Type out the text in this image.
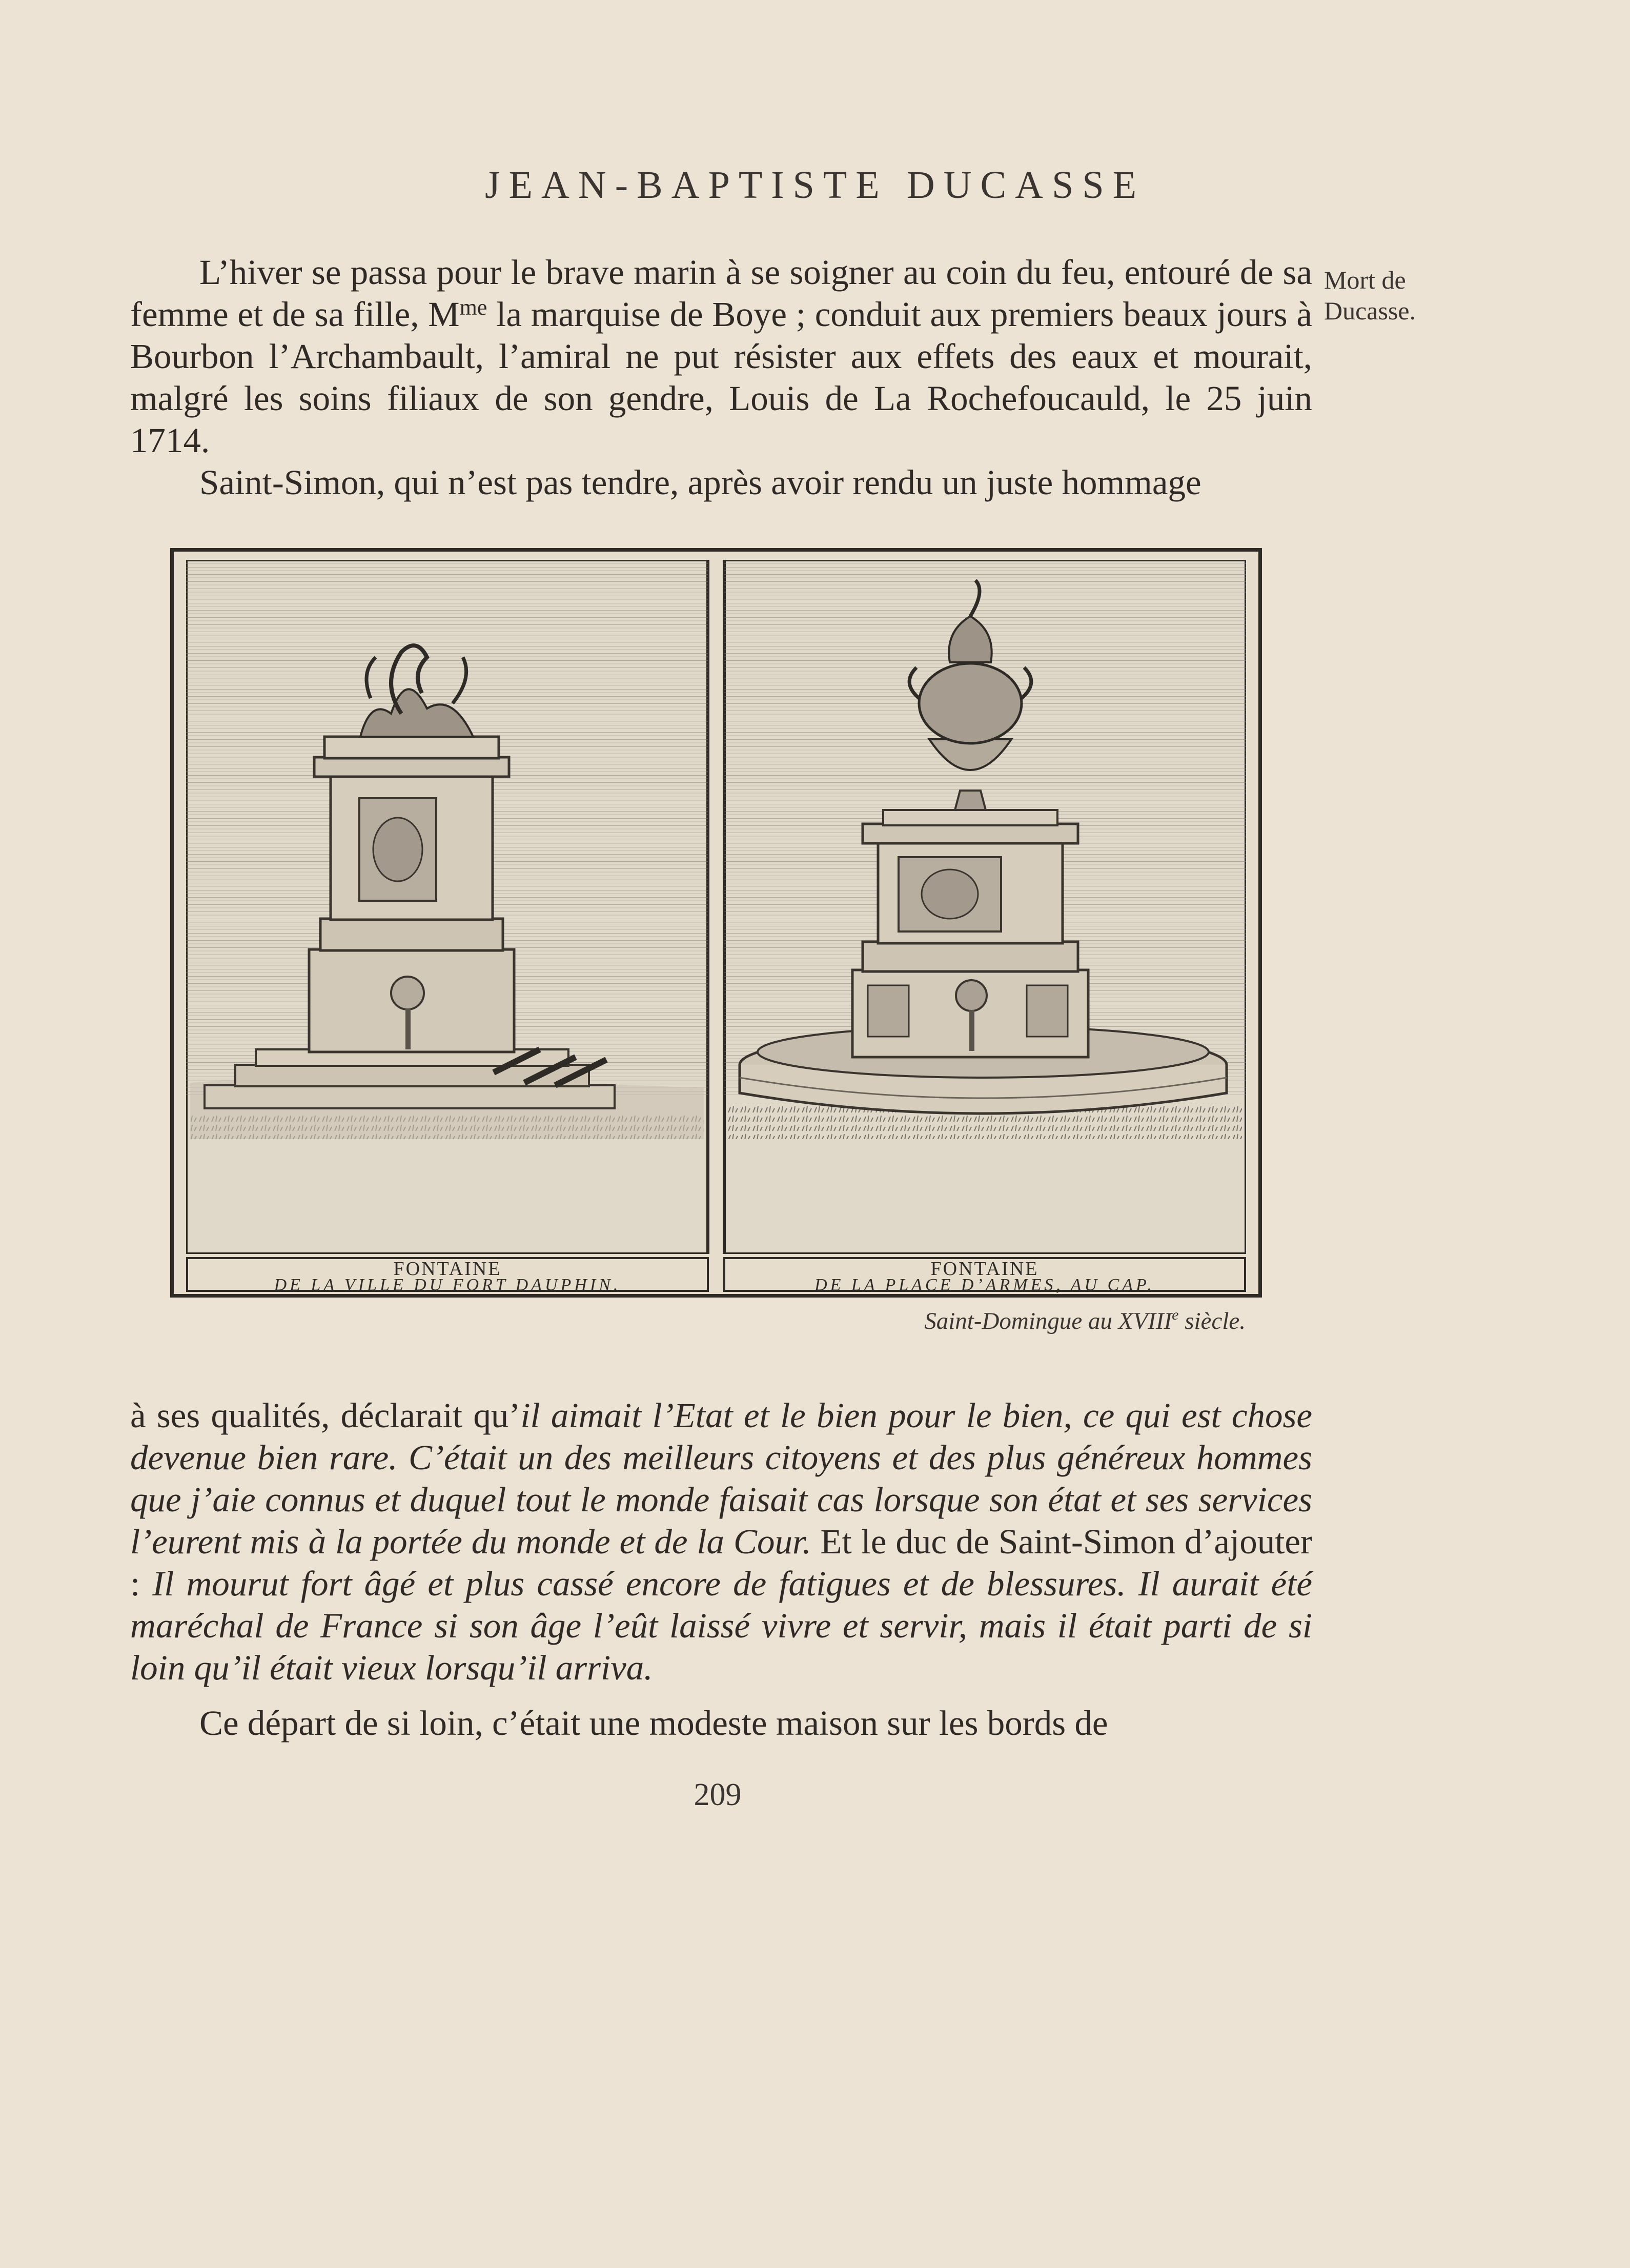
JEAN-BAPTISTE DUCASSE

L’hiver se passa pour le brave marin à se soigner au coin du feu, entouré de sa femme et de sa fille, $M^{me}$ la marquise de Boye ; conduit aux premiers beaux jours à Bourbon l’Archambault, l’amiral ne put résister aux effets des eaux et mourait, malgré les soins filiaux de son gendre, Louis de La Rochefoucauld, le 25 juin 1714.

Saint-Simon, qui n’est pas tendre, après avoir rendu un juste hommage

Mort de Ducasse.
FONTAINE
DE LA VILLE DU FORT DAUPHIN.
FONTAINE
DE LA PLACE D’ARMES, AU CAP.
Saint-Domingue au XVIIIe siècle.

à ses qualités, déclarait qu’il aimait l’Etat et le bien pour le bien, ce qui est chose devenue bien rare. C’était un des meilleurs citoyens et des plus généreux hommes que j’aie connus et duquel tout le monde faisait cas lorsque son état et ses services l’eurent mis à la portée du monde et de la Cour. Et le duc de Saint-Simon d’ajouter : Il mourut fort âgé et plus cassé encore de fatigues et de blessures. Il aurait été maréchal de France si son âge l’eût laissé vivre et servir, mais il était parti de si loin qu’il était vieux lorsqu’il arriva.

Ce départ de si loin, c’était une modeste maison sur les bords de

209
